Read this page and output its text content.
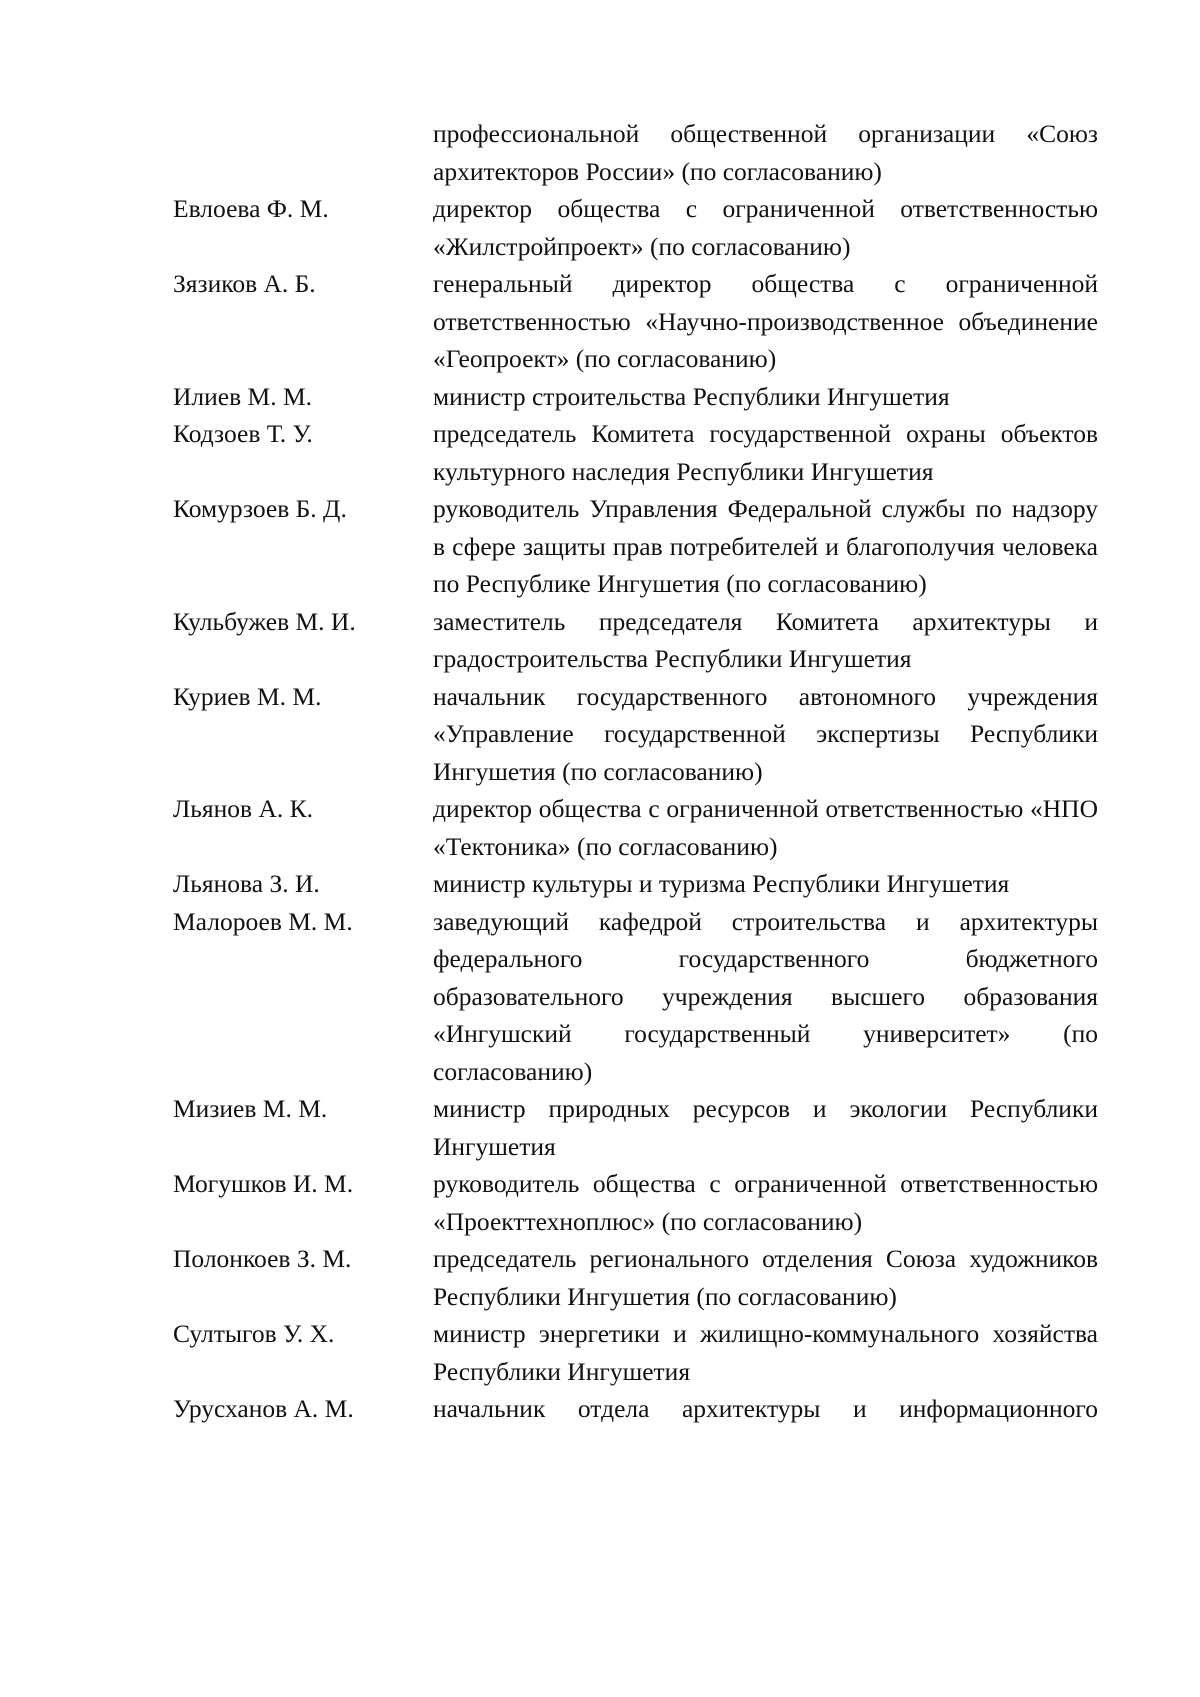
профессиональной общественной организации «Союз архитекторов России» (по согласованию)
Евлоева Ф. М.	директор общества с ограниченной ответственностью «Жилстройпроект» (по согласованию)
Зязиков А. Б.	генеральный директор общества с ограниченной ответственностью «Научно-производственное объединение «Геопроект» (по согласованию)
Илиев М. М.	министр строительства Республики Ингушетия
Кодзоев Т. У.	председатель Комитета государственной охраны объектов культурного наследия Республики Ингушетия
Комурзоев Б. Д.	руководитель Управления Федеральной службы по надзору в сфере защиты прав потребителей и благополучия человека по Республике Ингушетия (по согласованию)
Кульбужев М. И.	заместитель председателя Комитета архитектуры и градостроительства Республики Ингушетия
Куриев М. М.	начальник государственного автономного учреждения «Управление государственной экспертизы Республики Ингушетия (по согласованию)
Льянов А. К.	директор общества с ограниченной ответственностью «НПО «Тектоника» (по согласованию)
Льянова З. И.	министр культуры и туризма Республики Ингушетия
Малороев М. М.	заведующий кафедрой строительства и архитектуры федерального государственного бюджетного образовательного учреждения высшего образования «Ингушский государственный университет» (по согласованию)
Мизиев М. М.	министр природных ресурсов и экологии Республики Ингушетия
Могушков И. М.	руководитель общества с ограниченной ответственностью «Проекттехноплюс» (по согласованию)
Полонкоев З. М.	председатель регионального отделения Союза художников Республики Ингушетия (по согласованию)
Султыгов У. Х.	министр энергетики и жилищно-коммунального хозяйства Республики Ингушетия
Урусханов А. М.	начальник отдела архитектуры и информационного
